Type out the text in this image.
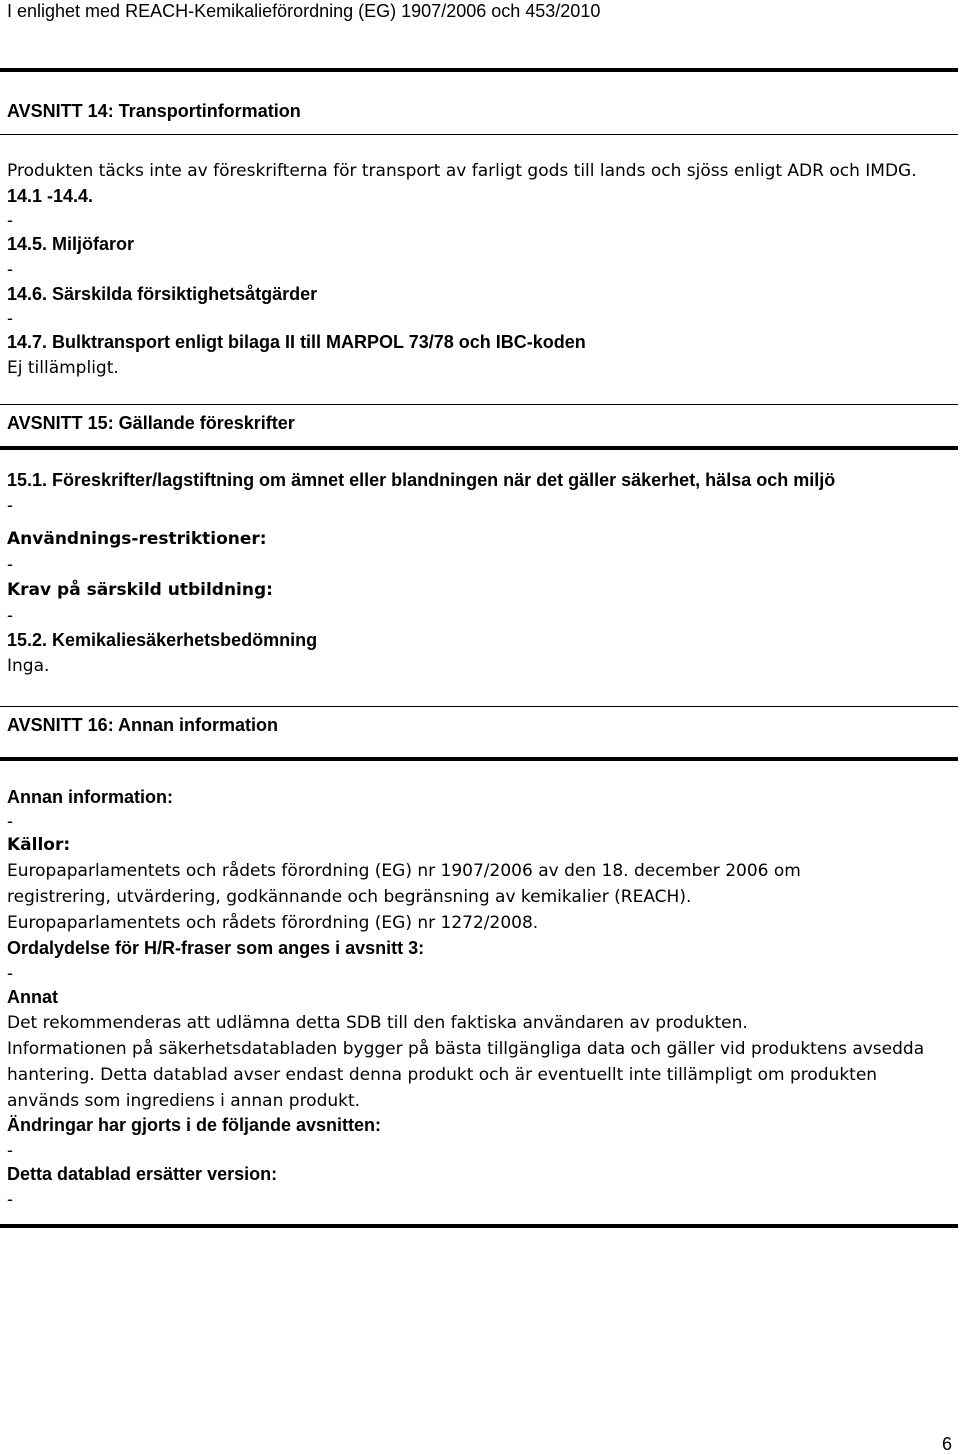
I enlighet med REACH-Kemikalieförordning (EG) 1907/2006 och 453/2010
AVSNITT 14: Transportinformation
Produkten täcks inte av föreskrifterna för transport av farligt gods till lands och sjöss enligt ADR och IMDG.
14.1 -14.4.
-
14.5. Miljöfaror
-
14.6. Särskilda försiktighetsåtgärder
-
14.7. Bulktransport enligt bilaga II till MARPOL 73/78 och IBC-koden
Ej tillämpligt.
AVSNITT 15: Gällande föreskrifter
15.1. Föreskrifter/lagstiftning om ämnet eller blandningen när det gäller säkerhet, hälsa och miljö
-
Användnings-restriktioner:
-
Krav på särskild utbildning:
-
15.2. Kemikaliesäkerhetsbedömning
Inga.
AVSNITT 16: Annan information
Annan information:
-
Källor:
Europaparlamentets och rådets förordning (EG) nr 1907/2006 av den 18. december 2006 om
registrering, utvärdering, godkännande och begränsning av kemikalier (REACH).
Europaparlamentets och rådets förordning (EG) nr 1272/2008.
Ordalydelse för H/R-fraser som anges i avsnitt 3:
-
Annat
Det rekommenderas att udlämna detta SDB till den faktiska användaren av produkten.
Informationen på säkerhetsdatabladen bygger på bästa tillgängliga data och gäller vid produktens avsedda
hantering. Detta datablad avser endast denna produkt och är eventuellt inte tillämpligt om produkten
används som ingrediens i annan produkt.
Ändringar har gjorts i de följande avsnitten:
-
Detta datablad ersätter version:
-
6
